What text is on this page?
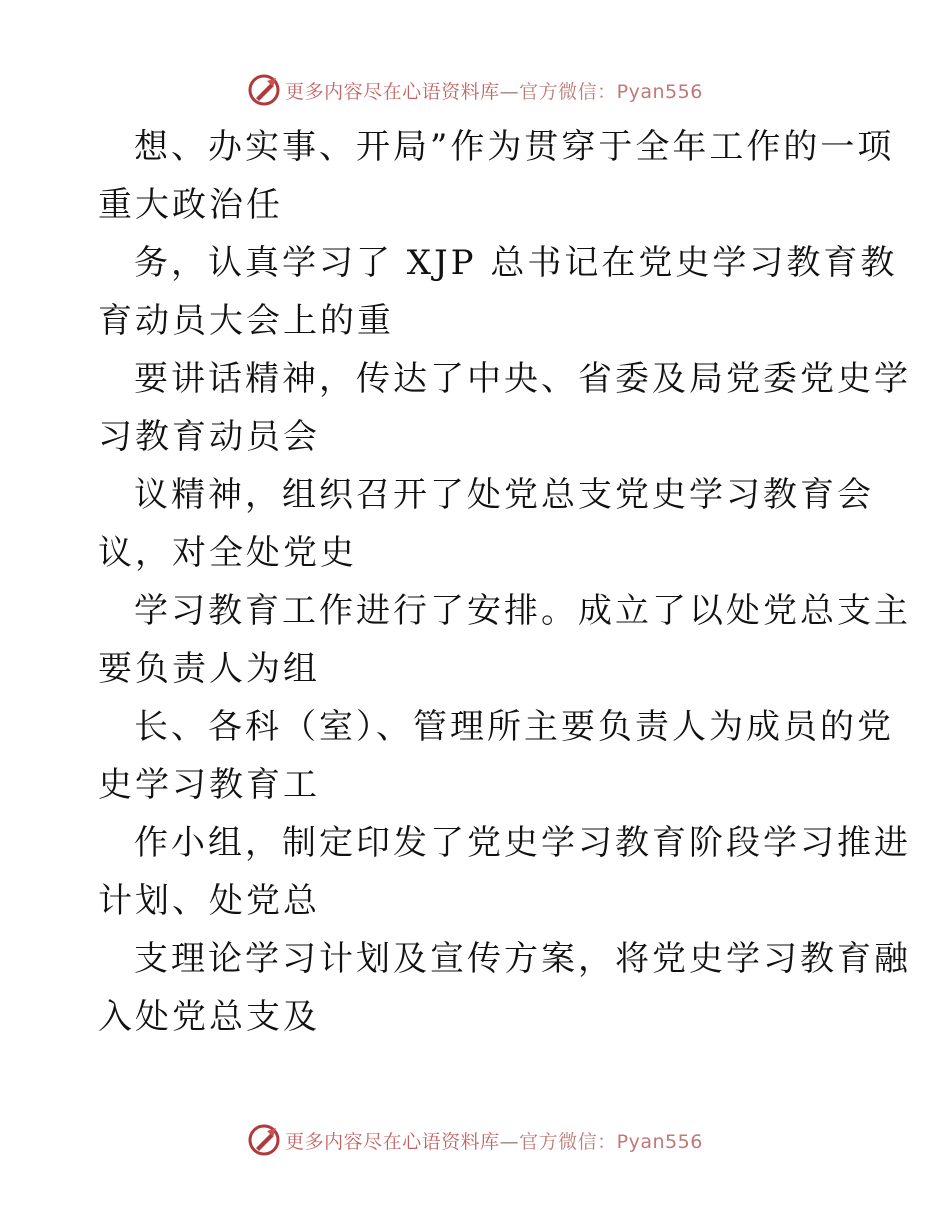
更多内容尽在心语资料库—官方微信：Pyan556

想、办实事、开局”作为贯穿于全年工作的一项
重大政治任

务，认真学习了 XJP 总书记在党史学习教育教
育动员大会上的重

要讲话精神，传达了中央、省委及局党委党史学
习教育动员会

议精神，组织召开了处党总支党史学习教育会
议，对全处党史

学习教育工作进行了安排。成立了以处党总支主
要负责人为组

长、各科（室）、管理所主要负责人为成员的党
史学习教育工

作小组，制定印发了党史学习教育阶段学习推进
计划、处党总

支理论学习计划及宣传方案，将党史学习教育融
入处党总支及

更多内容尽在心语资料库—官方微信：Pyan556
